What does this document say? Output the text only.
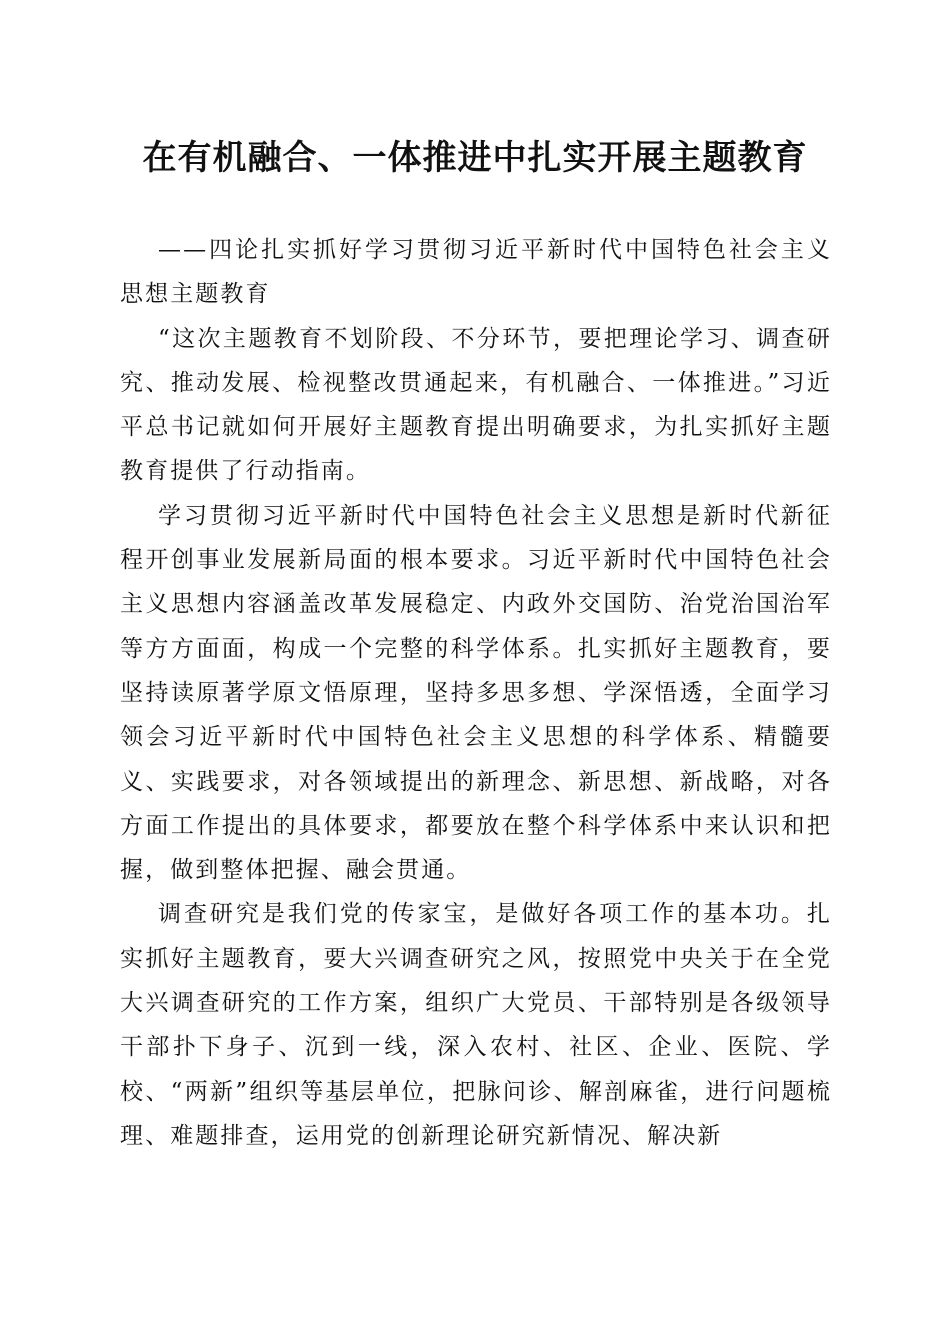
在有机融合、一体推进中扎实开展主题教育

——四论扎实抓好学习贯彻习近平新时代中国特色社会主义思想主题教育

“这次主题教育不划阶段、不分环节，要把理论学习、调查研究、推动发展、检视整改贯通起来，有机融合、一体推进。”习近平总书记就如何开展好主题教育提出明确要求，为扎实抓好主题教育提供了行动指南。

学习贯彻习近平新时代中国特色社会主义思想是新时代新征程开创事业发展新局面的根本要求。习近平新时代中国特色社会主义思想内容涵盖改革发展稳定、内政外交国防、治党治国治军等方方面面，构成一个完整的科学体系。扎实抓好主题教育，要坚持读原著学原文悟原理，坚持多思多想、学深悟透，全面学习领会习近平新时代中国特色社会主义思想的科学体系、精髓要义、实践要求，对各领域提出的新理念、新思想、新战略，对各方面工作提出的具体要求，都要放在整个科学体系中来认识和把握，做到整体把握、融会贯通。

调查研究是我们党的传家宝，是做好各项工作的基本功。扎实抓好主题教育，要大兴调查研究之风，按照党中央关于在全党大兴调查研究的工作方案，组织广大党员、干部特别是各级领导干部扑下身子、沉到一线，深入农村、社区、企业、医院、学校、“两新”组织等基层单位，把脉问诊、解剖麻雀，进行问题梳理、难题排查，运用党的创新理论研究新情况、解决新
